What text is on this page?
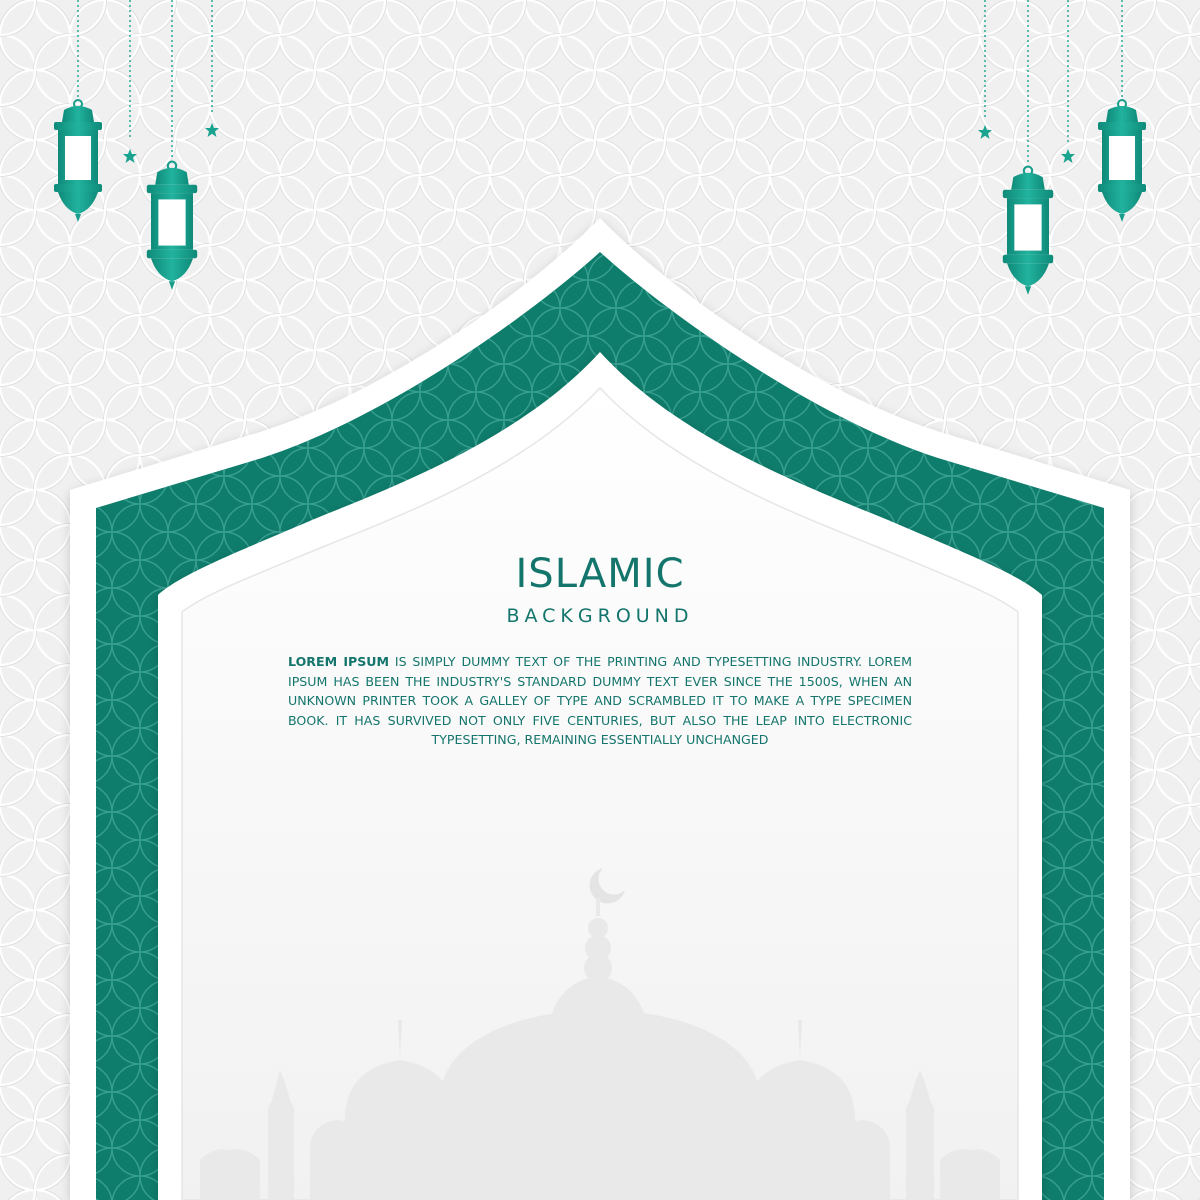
ISLAMIC
BACKGROUND
LOREM IPSUM IS SIMPLY DUMMY TEXT OF THE PRINTING AND TYPESETTING INDUSTRY. LOREM IPSUM HAS BEEN THE INDUSTRY'S STANDARD DUMMY TEXT EVER SINCE THE 1500S, WHEN AN UNKNOWN PRINTER TOOK A GALLEY OF TYPE AND SCRAMBLED IT TO MAKE A TYPE SPECIMEN BOOK. IT HAS SURVIVED NOT ONLY FIVE CENTURIES, BUT ALSO THE LEAP INTO ELECTRONIC TYPESETTING, REMAINING ESSENTIALLY UNCHANGED
